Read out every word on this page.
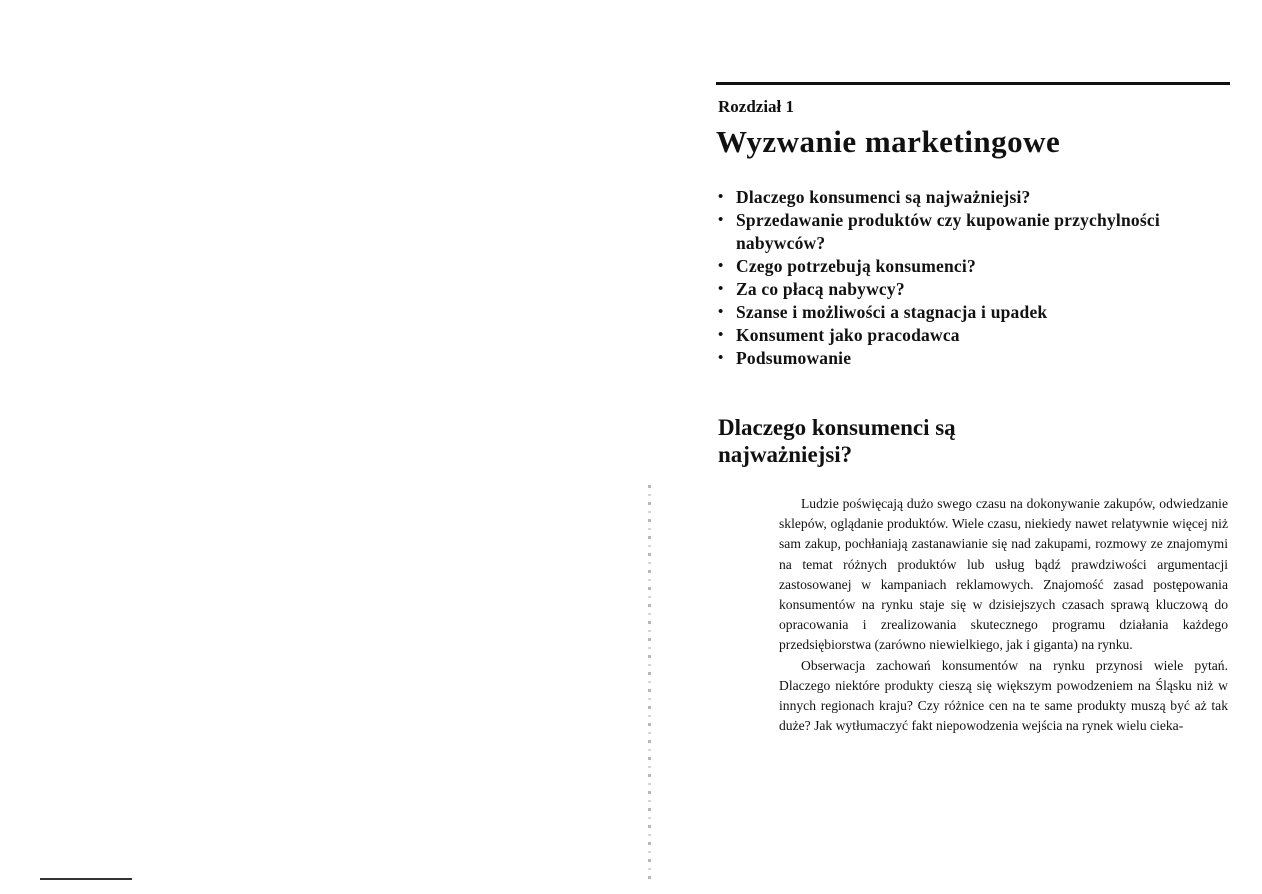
Rozdział 1
Wyzwanie marketingowe
• Dlaczego konsumenci są najważniejsi?
• Sprzedawanie produktów czy kupowanie przychylności nabywców?
• Czego potrzebują konsumenci?
• Za co płacą nabywcy?
• Szanse i możliwości a stagnacja i upadek
• Konsument jako pracodawca
• Podsumowanie
Dlaczego konsumenci są najważniejsi?

Ludzie poświęcają dużo swego czasu na dokonywanie zakupów, odwiedzanie sklepów, oglądanie produktów. Wiele czasu, niekiedy nawet relatywnie więcej niż sam zakup, pochłaniają zastanawianie się nad zakupami, rozmowy ze znajomymi na temat różnych produktów lub usług bądź prawdziwości argumentacji zastosowanej w kampaniach reklamowych. Znajomość zasad postępowania konsumentów na rynku staje się w dzisiejszych czasach sprawą kluczową do opracowania i zrealizowania skutecznego programu działania każdego przedsiębiorstwa (zarówno niewielkiego, jak i giganta) na rynku.

Obserwacja zachowań konsumentów na rynku przynosi wiele pytań. Dlaczego niektóre produkty cieszą się większym powodzeniem na Śląsku niż w innych regionach kraju? Czy różnice cen na te same produkty muszą być aż tak duże? Jak wytłumaczyć fakt niepowodzenia wejścia na rynek wielu cieka-
